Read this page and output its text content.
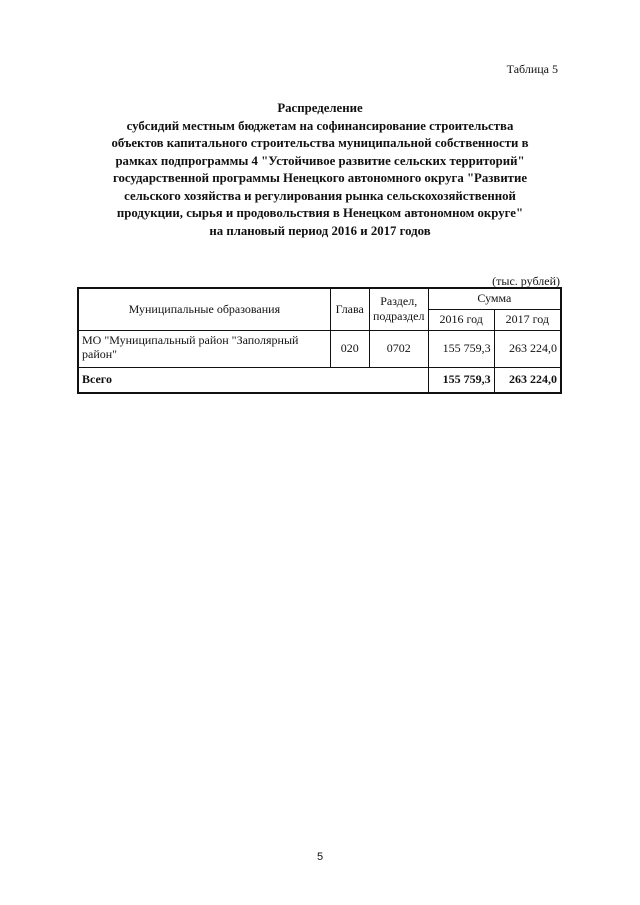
Таблица 5
Распределение
субсидий местным бюджетам на софинансирование строительства
объектов капитального строительства муниципальной собственности в
рамках подпрограммы 4 "Устойчивое развитие сельских территорий"
государственной программы Ненецкого автономного округа "Развитие
сельского хозяйства и регулирования рынка сельскохозяйственной
продукции, сырья и продовольствия в Ненецком автономном округе"
на плановый период 2016 и 2017 годов
(тыс. рублей)
Муниципальные образования	Глава	Раздел, подраздел	Сумма	
			2016 год	2017 год
МО "Муниципальный район "Заполярный район"	020	0702	155 759,3	263 224,0
Всего			155 759,3	263 224,0
5
